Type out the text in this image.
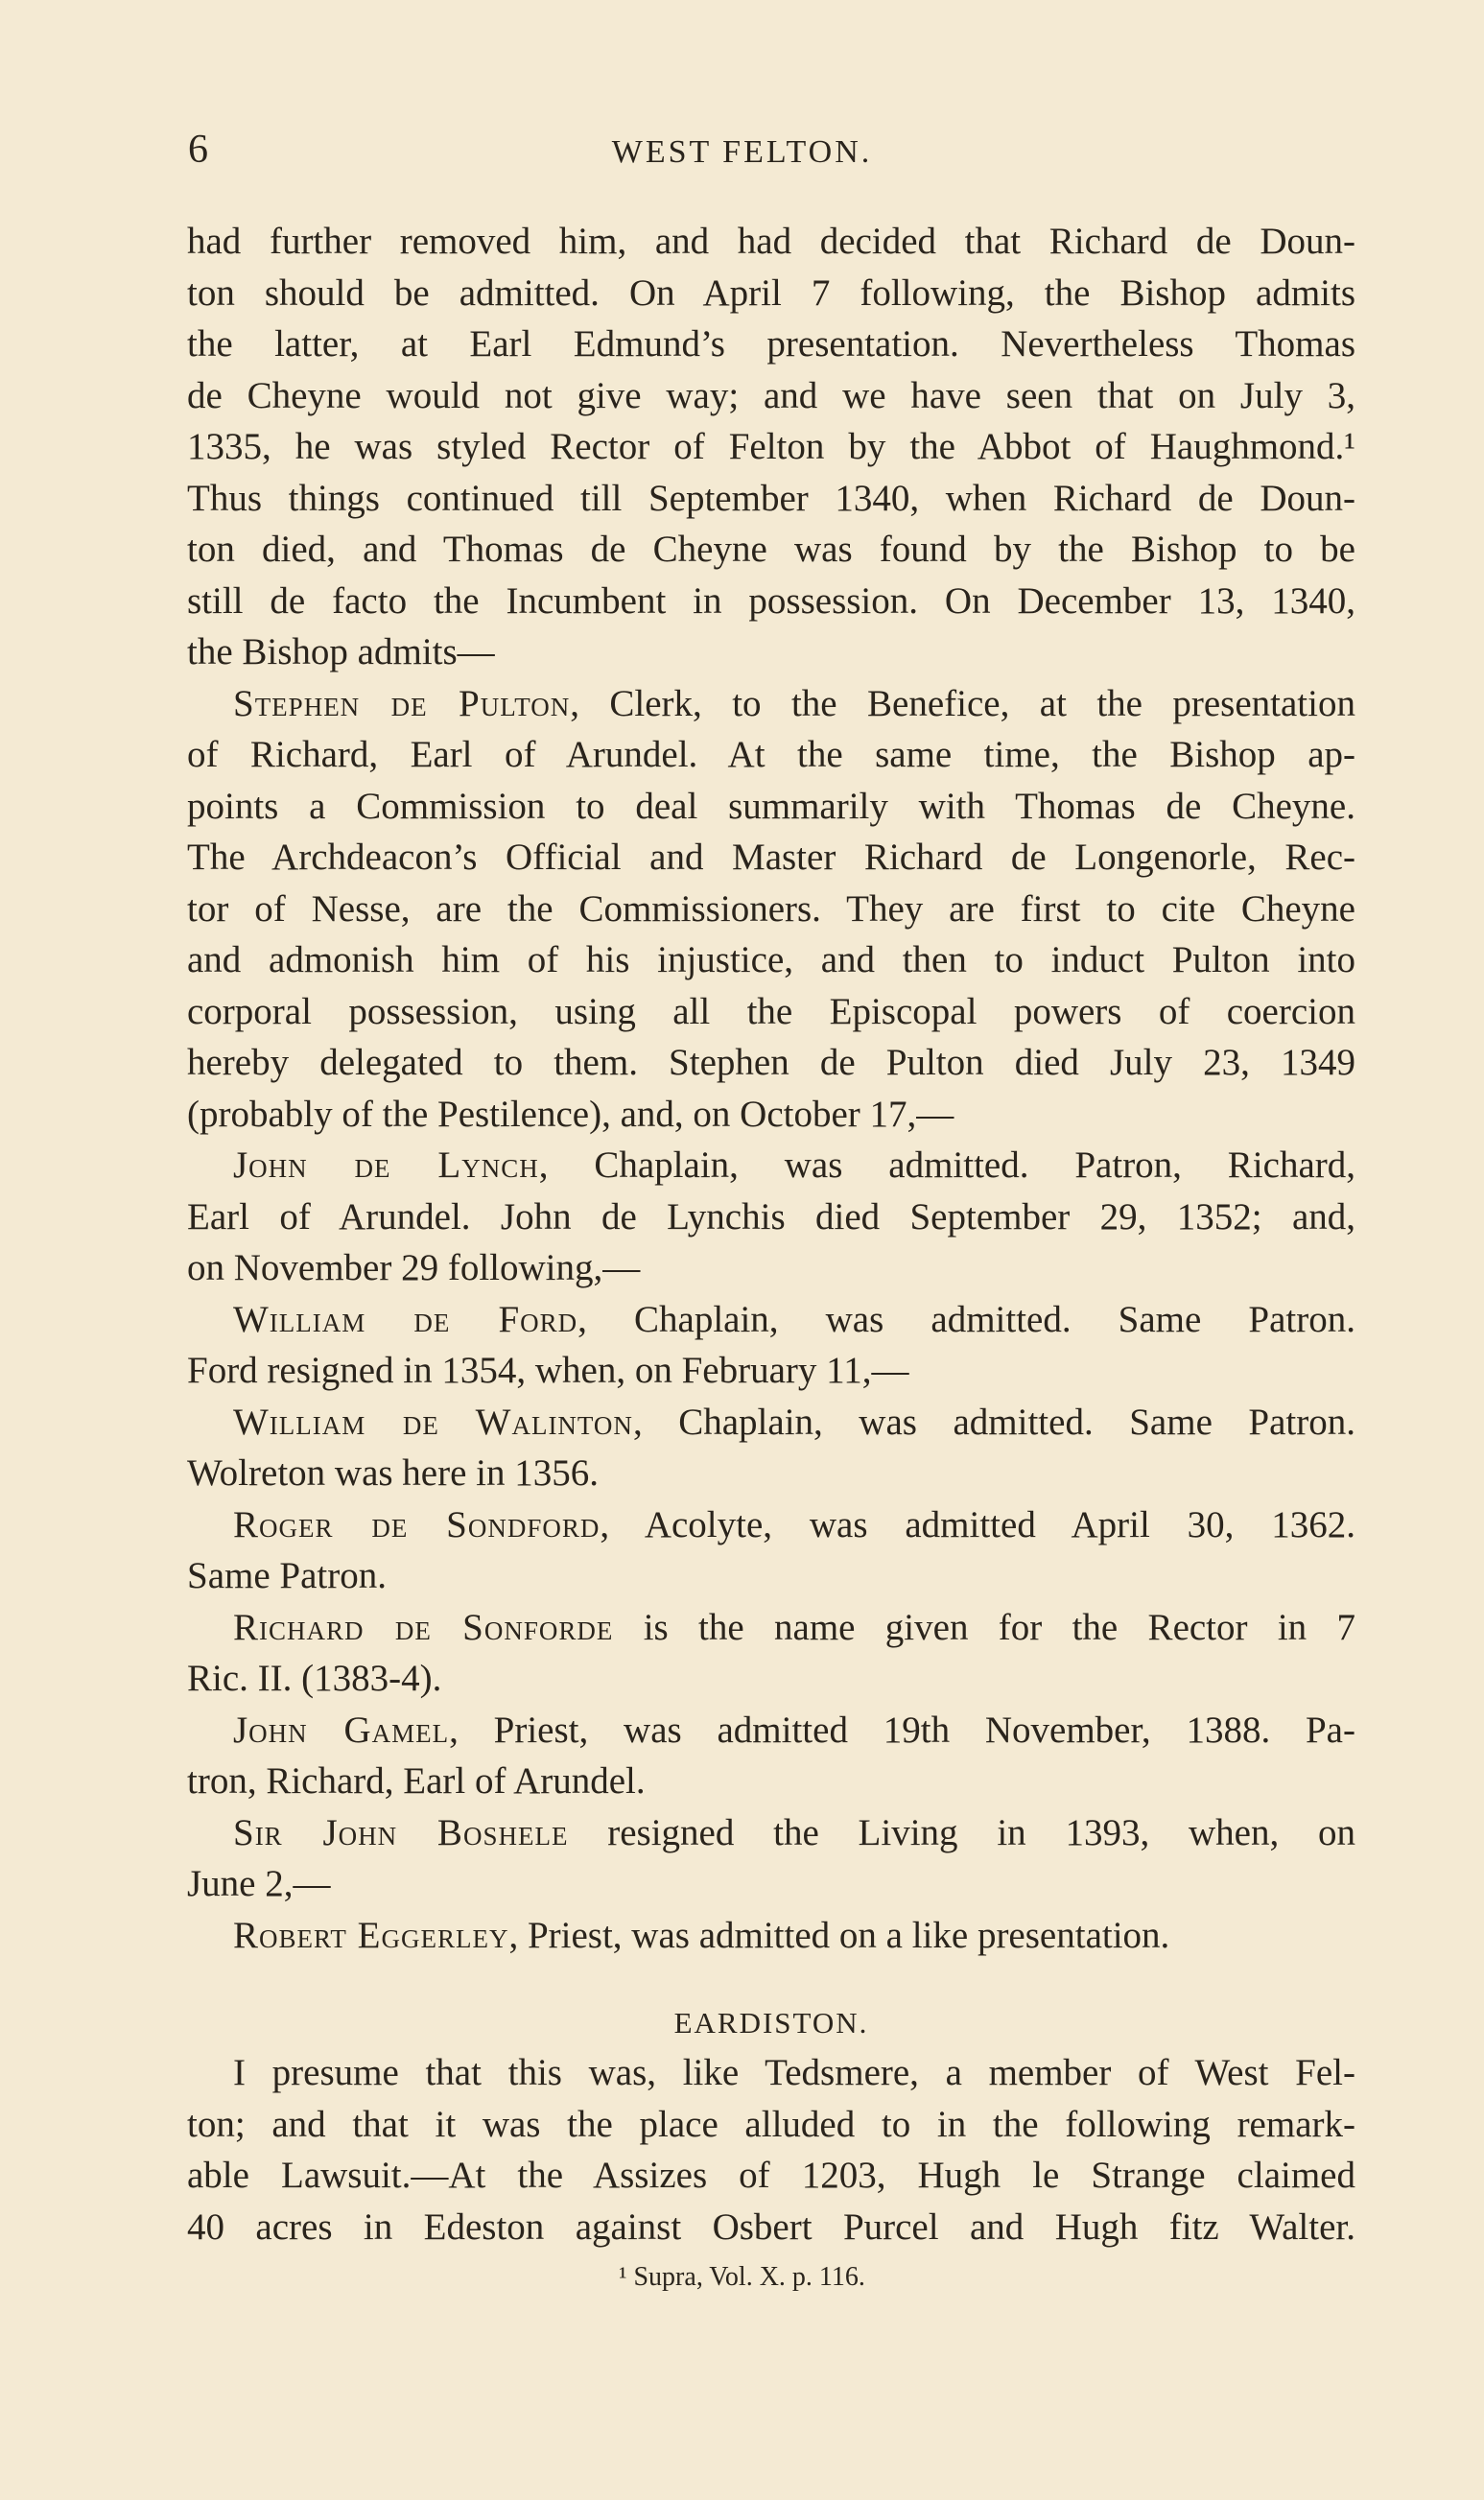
6	WEST FELTON.
had further removed him, and had decided that Richard de Doun-
ton should be admitted. On April 7 following, the Bishop admits
the latter, at Earl Edmund’s presentation. Nevertheless Thomas
de Cheyne would not give way; and we have seen that on July 3,
1335, he was styled Rector of Felton by the Abbot of Haughmond.¹
Thus things continued till September 1340, when Richard de Doun-
ton died, and Thomas de Cheyne was found by the Bishop to be
still de facto the Incumbent in possession. On December 13, 1340,
the Bishop admits—
Stephen de Pulton, Clerk, to the Benefice, at the presentation
of Richard, Earl of Arundel. At the same time, the Bishop ap-
points a Commission to deal summarily with Thomas de Cheyne.
The Archdeacon’s Official and Master Richard de Longenorle, Rec-
tor of Nesse, are the Commissioners. They are first to cite Cheyne
and admonish him of his injustice, and then to induct Pulton into
corporal possession, using all the Episcopal powers of coercion
hereby delegated to them. Stephen de Pulton died July 23, 1349
(probably of the Pestilence), and, on October 17,—
John de Lynch, Chaplain, was admitted. Patron, Richard,
Earl of Arundel. John de Lynchis died September 29, 1352; and,
on November 29 following,—
William de Ford, Chaplain, was admitted. Same Patron.
Ford resigned in 1354, when, on February 11,—
William de Walinton, Chaplain, was admitted. Same Patron.
Wolreton was here in 1356.
Roger de Sondford, Acolyte, was admitted April 30, 1362.
Same Patron.
Richard de Sonforde is the name given for the Rector in 7
Ric. II. (1383-4).
John Gamel, Priest, was admitted 19th November, 1388. Pa-
tron, Richard, Earl of Arundel.
Sir John Boshele resigned the Living in 1393, when, on
June 2,—
Robert Eggerley, Priest, was admitted on a like presentation.
EARDISTON.
I presume that this was, like Tedsmere, a member of West Fel-
ton; and that it was the place alluded to in the following remark-
able Lawsuit.—At the Assizes of 1203, Hugh le Strange claimed
40 acres in Edeston against Osbert Purcel and Hugh fitz Walter.
¹ Supra, Vol. X. p. 116.
